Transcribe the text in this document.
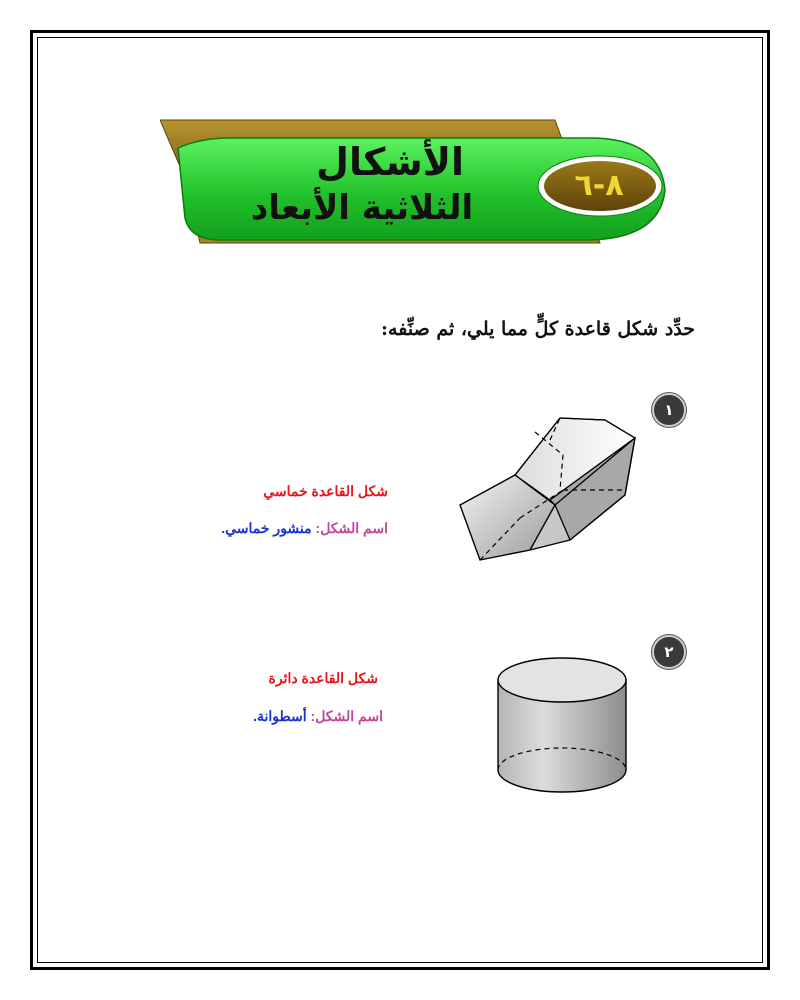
الأشكال
الثلاثية الأبعاد
٨-٦
حدِّد شكل قاعدة كلٍّ مما يلي، ثم صنِّفه:
١
شكل القاعدة خماسي
اسم الشكل: منشور خماسي.
٢
شكل القاعدة دائرة
اسم الشكل: أسطوانة.
